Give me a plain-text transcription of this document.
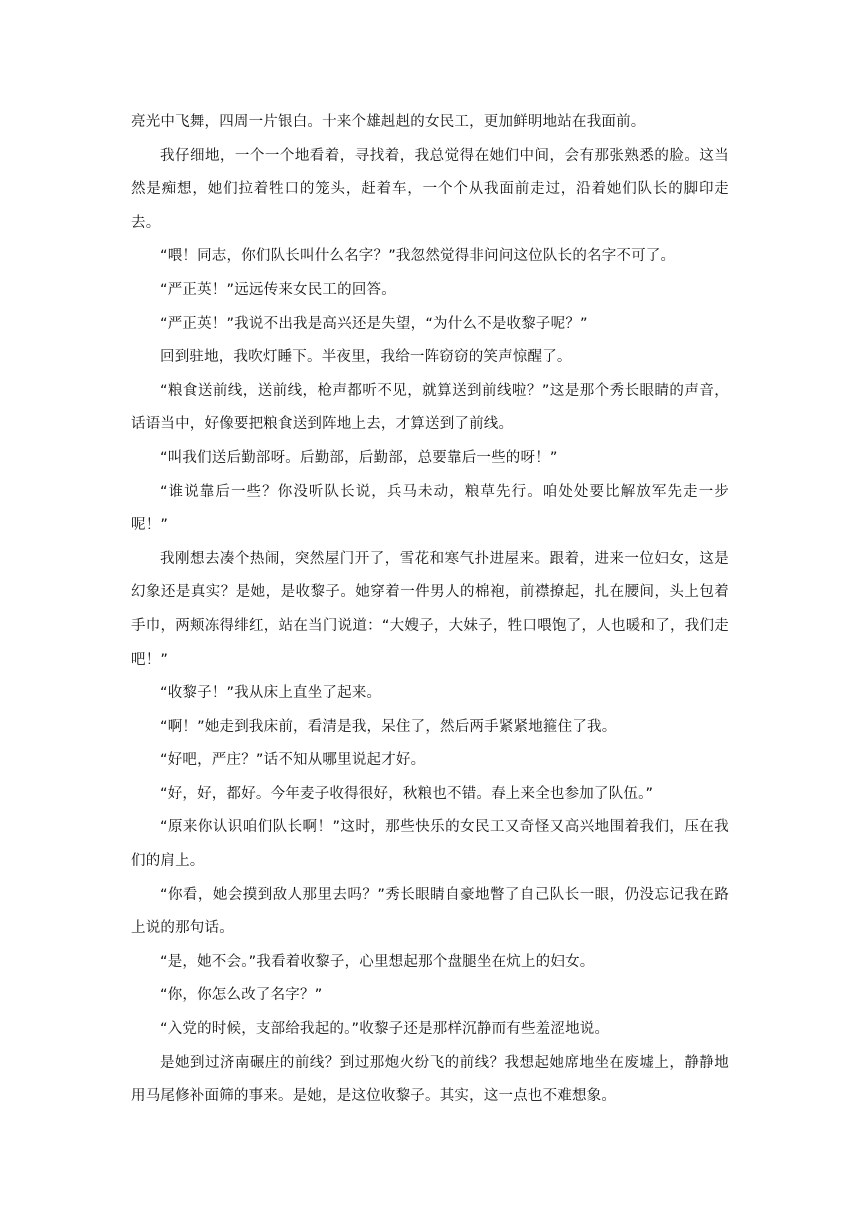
亮光中飞舞，四周一片银白。十来个雄赳赳的女民工，更加鲜明地站在我面前。

我仔细地，一个一个地看着，寻找着，我总觉得在她们中间，会有那张熟悉的脸。这当然是痴想，她们拉着牲口的笼头，赶着车，一个个从我面前走过，沿着她们队长的脚印走去。

“喂！同志，你们队长叫什么名字？”我忽然觉得非问问这位队长的名字不可了。

“严正英！”远远传来女民工的回答。

“严正英！”我说不出我是高兴还是失望，“为什么不是收黎子呢？”

回到驻地，我吹灯睡下。半夜里，我给一阵窃窃的笑声惊醒了。

“粮食送前线，送前线，枪声都听不见，就算送到前线啦？”这是那个秀长眼睛的声音，话语当中，好像要把粮食送到阵地上去，才算送到了前线。

“叫我们送后勤部呀。后勤部，后勤部，总要靠后一些的呀！”

“谁说靠后一些？你没听队长说，兵马未动，粮草先行。咱处处要比解放军先走一步呢！”

我刚想去凑个热闹，突然屋门开了，雪花和寒气扑进屋来。跟着，进来一位妇女，这是幻象还是真实？是她，是收黎子。她穿着一件男人的棉袍，前襟撩起，扎在腰间，头上包着手巾，两颊冻得绯红，站在当门说道：“大嫂子，大妹子，牲口喂饱了，人也暖和了，我们走吧！”

“收黎子！”我从床上直坐了起来。

“啊！”她走到我床前，看清是我，呆住了，然后两手紧紧地箍住了我。

“好吧，严庄？”话不知从哪里说起才好。

“好，好，都好。今年麦子收得很好，秋粮也不错。春上来全也参加了队伍。”

“原来你认识咱们队长啊！”这时，那些快乐的女民工又奇怪又高兴地围着我们，压在我们的肩上。

“你看，她会摸到敌人那里去吗？”秀长眼睛自豪地瞥了自己队长一眼，仍没忘记我在路上说的那句话。

“是，她不会。”我看着收黎子，心里想起那个盘腿坐在炕上的妇女。

“你，你怎么改了名字？”

“入党的时候，支部给我起的。”收黎子还是那样沉静而有些羞涩地说。

是她到过济南碾庄的前线？到过那炮火纷飞的前线？我想起她席地坐在废墟上，静静地用马尾修补面筛的事来。是她，是这位收黎子。其实，这一点也不难想象。
